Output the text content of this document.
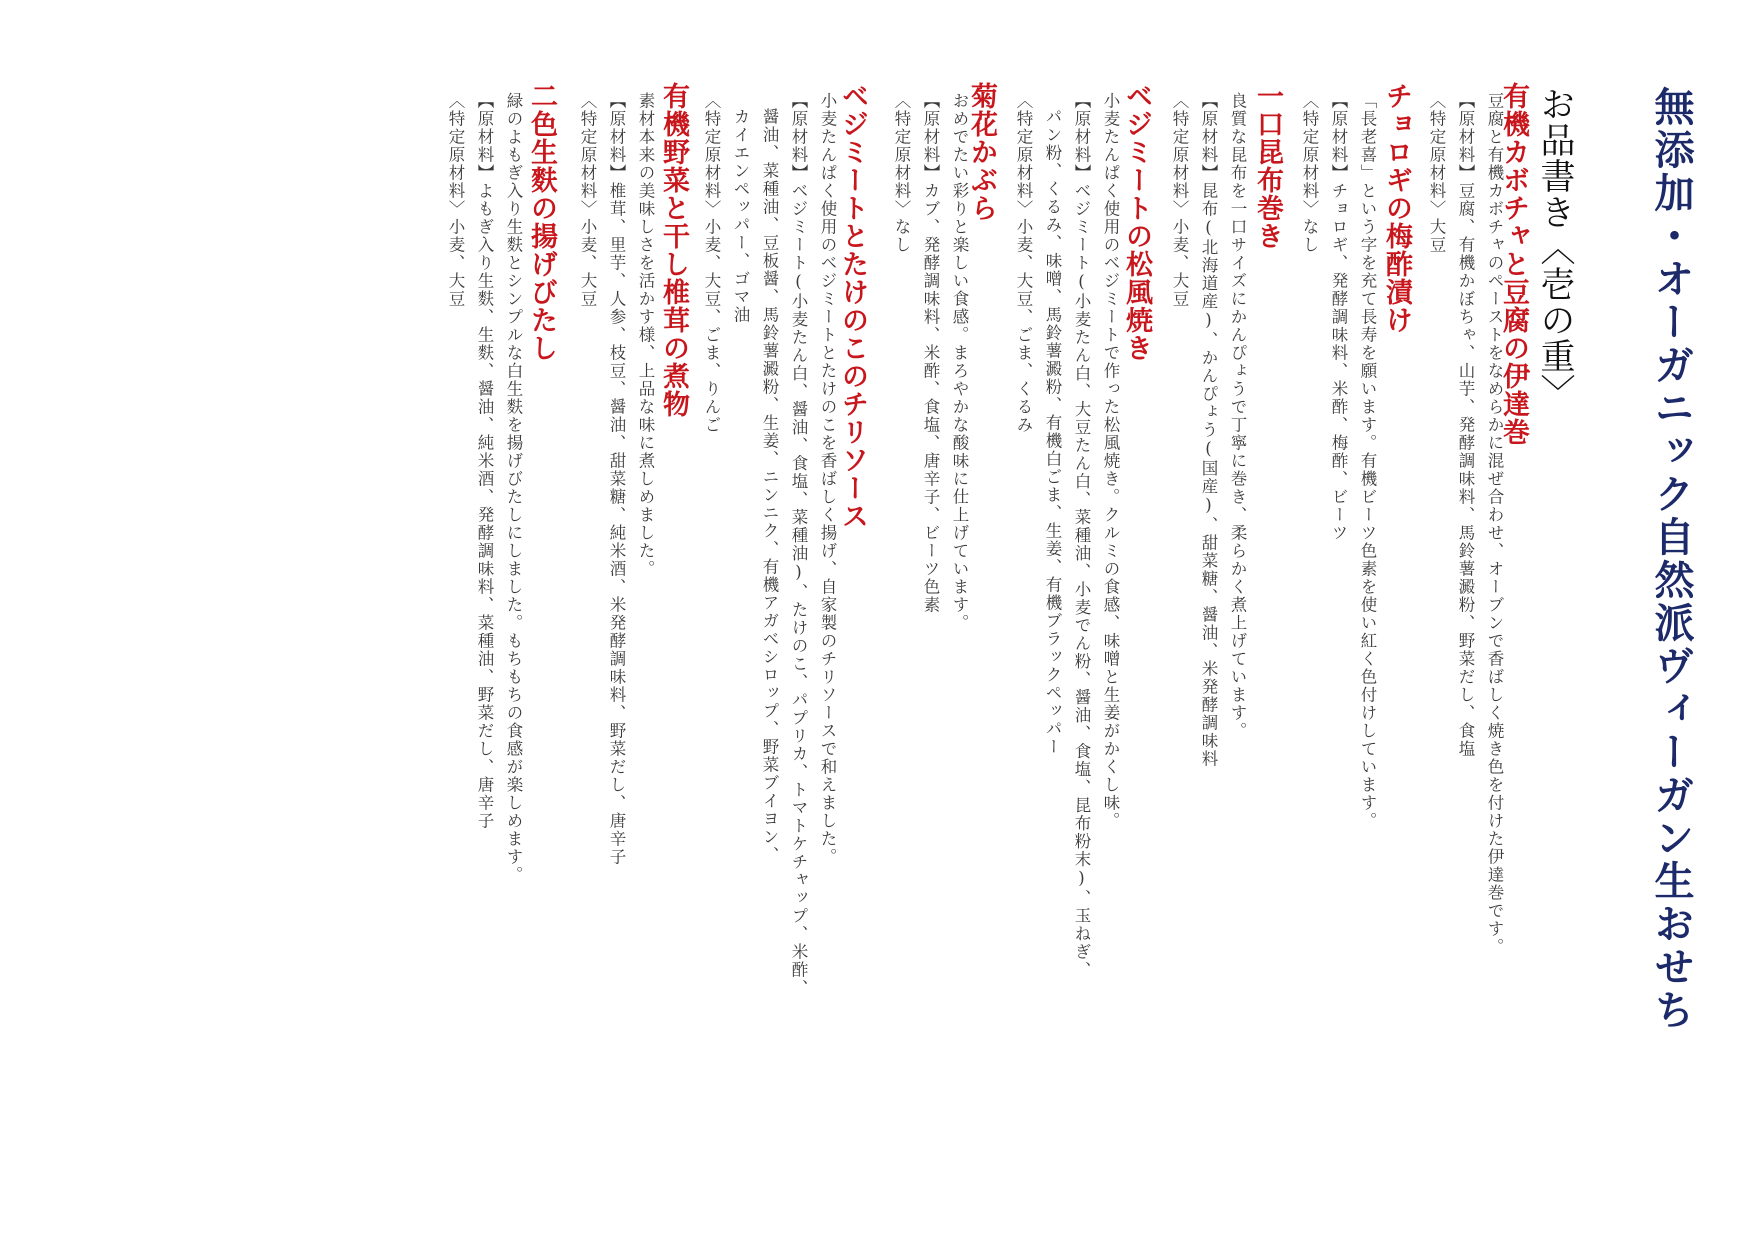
無添加・オーガニック自然派ヴィーガン生おせち
お品書き〈壱の重〉
有機カボチャと豆腐の伊達巻
豆腐と有機カボチャのペーストをなめらかに混ぜ合わせ、オーブンで香ばしく焼き色を付けた伊達巻です。
【原材料】豆腐、有機かぼちゃ、山芋、発酵調味料、馬鈴薯澱粉、野菜だし、食塩
〈特定原材料〉大豆
チョロギの梅酢漬け
「長老喜」という字を充て長寿を願います。有機ビーツ色素を使い紅く色付けしています。
【原材料】チョロギ、発酵調味料、米酢、梅酢、ビーツ
〈特定原材料〉なし
一口昆布巻き
良質な昆布を一口サイズにかんぴょうで丁寧に巻き、柔らかく煮上げています。
【原材料】昆布(北海道産)、かんぴょう(国産)、甜菜糖、醤油、米発酵調味料
〈特定原材料〉小麦、大豆
ベジミートの松風焼き
小麦たんぱく使用のベジミートで作った松風焼き。クルミの食感、味噌と生姜がかくし味。
【原材料】ベジミート(小麦たん白、大豆たん白、菜種油、小麦でん粉、醤油、食塩、昆布粉末)、玉ねぎ、
パン粉、くるみ、味噌、馬鈴薯澱粉、有機白ごま、生姜、有機ブラックペッパー
〈特定原材料〉小麦、大豆、ごま、くるみ
菊花かぶら
おめでたい彩りと楽しい食感。まろやかな酸味に仕上げています。
【原材料】カブ、発酵調味料、米酢、食塩、唐辛子、ビーツ色素
〈特定原材料〉なし
ベジミートとたけのこのチリソース
小麦たんぱく使用のベジミートとたけのこを香ばしく揚げ、自家製のチリソースで和えました。
【原材料】ベジミート(小麦たん白、醤油、食塩、菜種油)、たけのこ、パプリカ、トマトケチャップ、米酢、
醤油、菜種油、豆板醤、馬鈴薯澱粉、生姜、ニンニク、有機アガベシロップ、野菜ブイヨン、
カイエンペッパー、ゴマ油
〈特定原材料〉小麦、大豆、ごま、りんご
有機野菜と干し椎茸の煮物
素材本来の美味しさを活かす様、上品な味に煮しめました。
【原材料】椎茸、里芋、人参、枝豆、醤油、甜菜糖、純米酒、米発酵調味料、野菜だし、唐辛子
〈特定原材料〉小麦、大豆
二色生麩の揚げびたし
緑のよもぎ入り生麩とシンプルな白生麩を揚げびたしにしました。もちもちの食感が楽しめます。
【原材料】よもぎ入り生麩、生麩、醤油、純米酒、発酵調味料、菜種油、野菜だし、唐辛子
〈特定原材料〉小麦、大豆
